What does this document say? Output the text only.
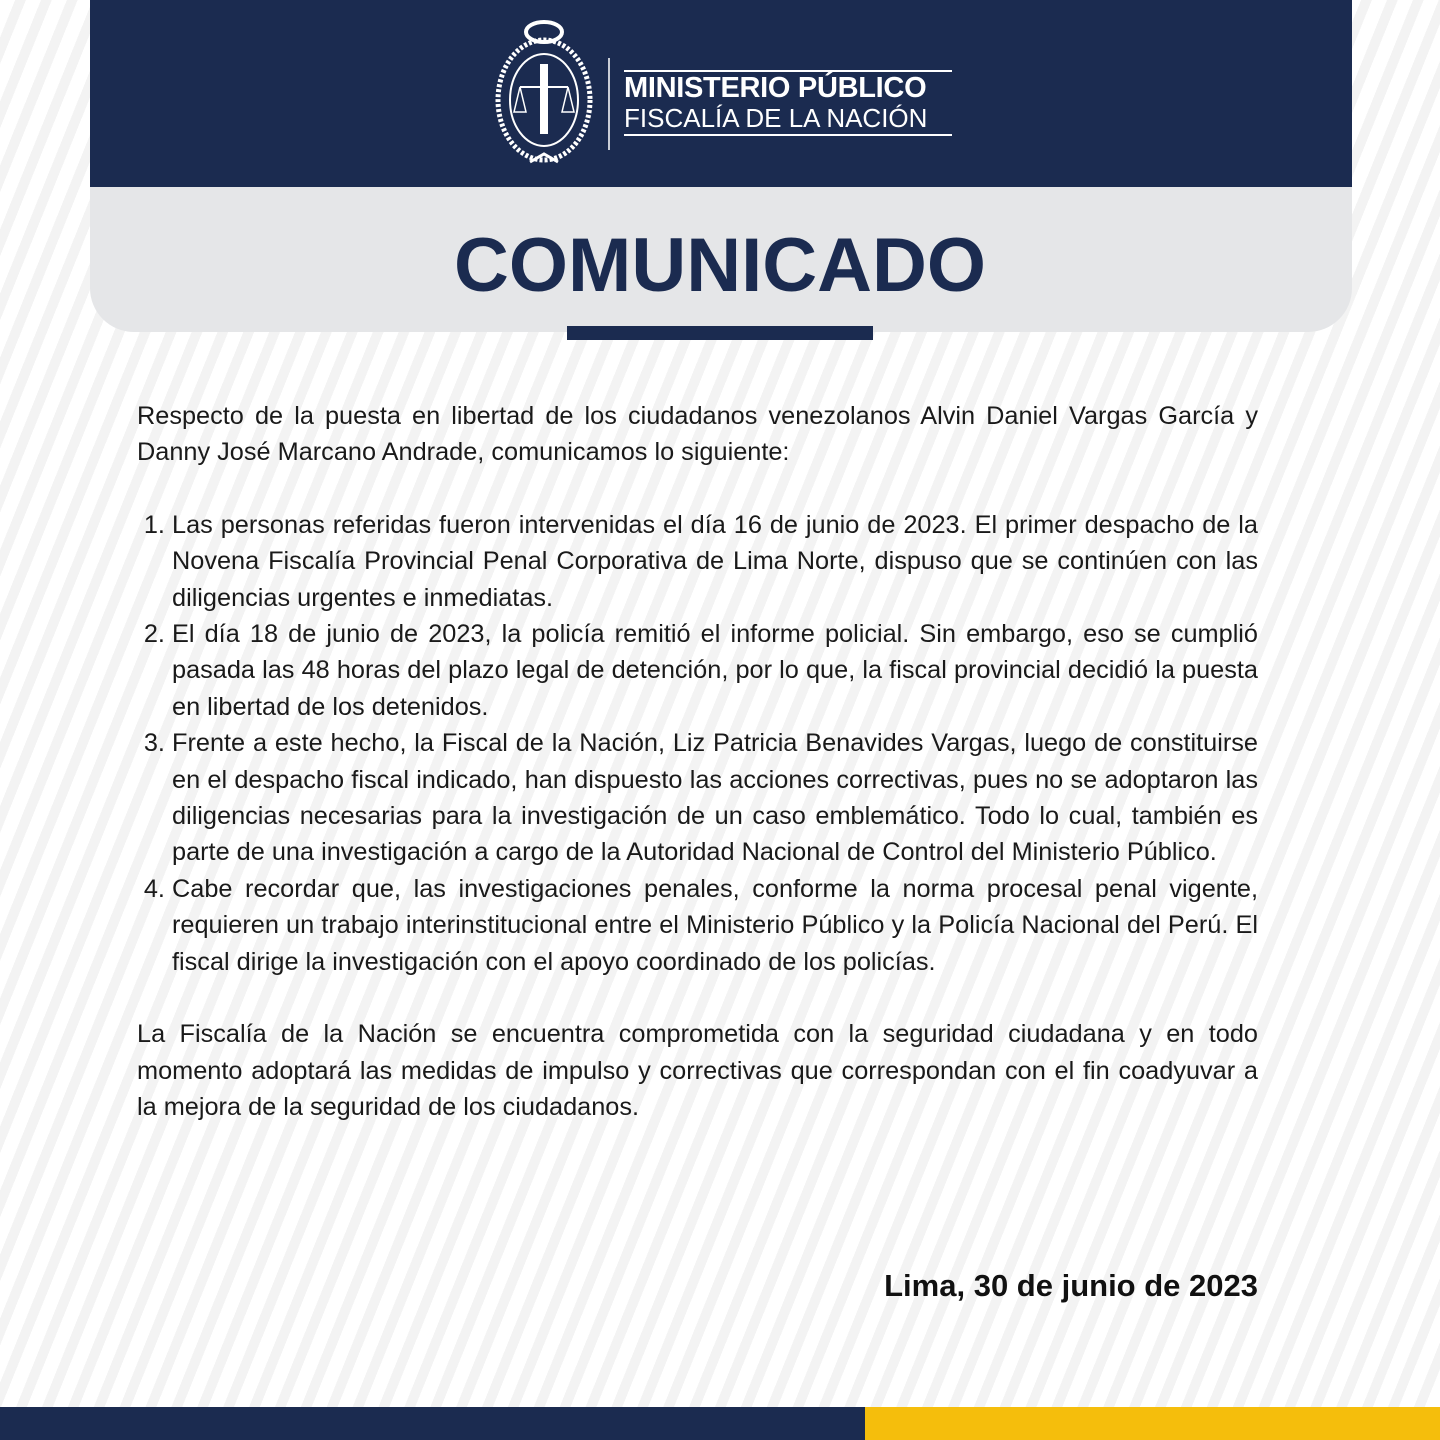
MINISTERIO PÚBLICO
FISCALÍA DE LA NACIÓN
COMUNICADO

Respecto de la puesta en libertad de los ciudadanos venezolanos Alvin Daniel Vargas García y Danny José Marcano Andrade, comunicamos lo siguiente:

1. Las personas referidas fueron intervenidas el día 16 de junio de 2023. El primer despacho de la Novena Fiscalía Provincial Penal Corporativa de Lima Norte, dispuso que se continúen con las diligencias urgentes e inmediatas.
2. El día 18 de junio de 2023, la policía remitió el informe policial. Sin embargo, eso se cumplió pasada las 48 horas del plazo legal de detención, por lo que, la fiscal provincial decidió la puesta en libertad de los detenidos.
3. Frente a este hecho, la Fiscal de la Nación, Liz Patricia Benavides Vargas, luego de constituirse en el despacho fiscal indicado, han dispuesto las acciones correctivas, pues no se adoptaron las diligencias necesarias para la investigación de un caso emblemático. Todo lo cual, también es parte de una investigación a cargo de la Autoridad Nacional de Control del Ministerio Público.
4. Cabe recordar que, las investigaciones penales, conforme la norma procesal penal vigente, requieren un trabajo interinstitucional entre el Ministerio Público y la Policía Nacional del Perú. El fiscal dirige la investigación con el apoyo coordinado de los policías.

La Fiscalía de la Nación se encuentra comprometida con la seguridad ciudadana y en todo momento adoptará las medidas de impulso y correctivas que correspondan con el fin coadyuvar a la mejora de la seguridad de los ciudadanos.

Lima, 30 de junio de 2023
